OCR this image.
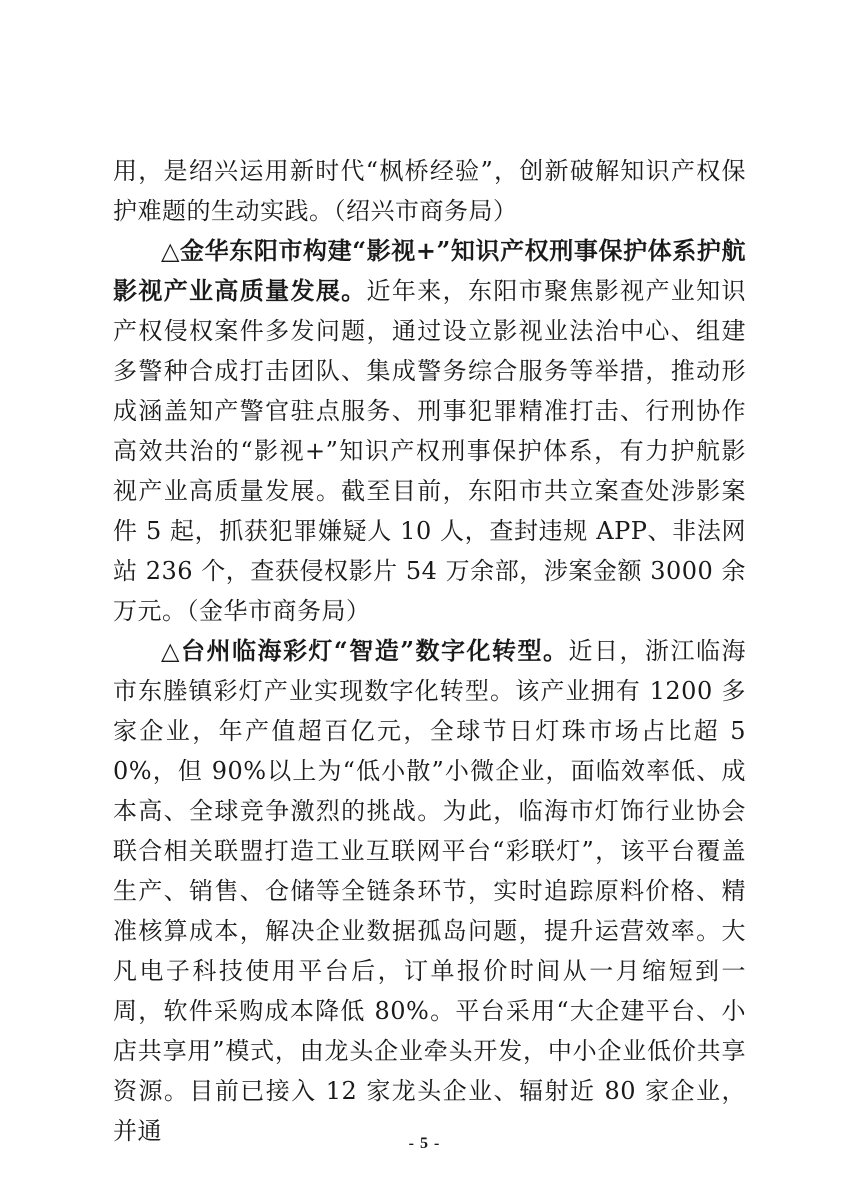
用，是绍兴运用新时代“枫桥经验”，创新破解知识产权保护难题的生动实践。（绍兴市商务局）

△金华东阳市构建“影视+”知识产权刑事保护体系护航影视产业高质量发展。近年来，东阳市聚焦影视产业知识产权侵权案件多发问题，通过设立影视业法治中心、组建多警种合成打击团队、集成警务综合服务等举措，推动形成涵盖知产警官驻点服务、刑事犯罪精准打击、行刑协作高效共治的“影视+”知识产权刑事保护体系，有力护航影视产业高质量发展。截至目前，东阳市共立案查处涉影案件 5 起，抓获犯罪嫌疑人 10 人，查封违规 APP、非法网站 236 个，查获侵权影片 54 万余部，涉案金额 3000 余万元。（金华市商务局）

△台州临海彩灯“智造”数字化转型。近日，浙江临海市东塍镇彩灯产业实现数字化转型。该产业拥有 1200 多家企业，年产值超百亿元，全球节日灯珠市场占比超 50%，但 90%以上为“低小散”小微企业，面临效率低、成本高、全球竞争激烈的挑战。为此，临海市灯饰行业协会联合相关联盟打造工业互联网平台“彩联灯”，该平台覆盖生产、销售、仓储等全链条环节，实时追踪原料价格、精准核算成本，解决企业数据孤岛问题，提升运营效率。大凡电子科技使用平台后，订单报价时间从一月缩短到一周，软件采购成本降低 80%。平台采用“大企建平台、小店共享用”模式，由龙头企业牵头开发，中小企业低价共享资源。目前已接入 12 家龙头企业、辐射近 80 家企业，并通	- 5 -
